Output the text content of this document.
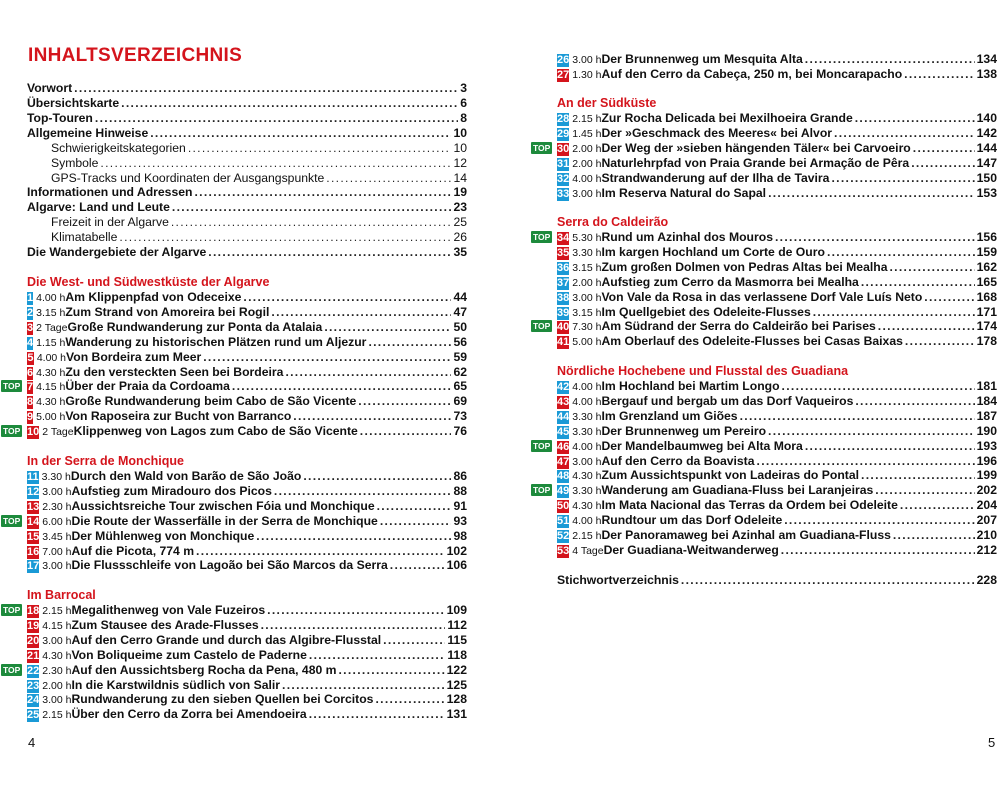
INHALTSVERZEICHNIS
Vorwort .....	3
Übersichtskarte .....	6
Top-Touren .....	8
Allgemeine Hinweise .....	10
Schwierigkeitskategorien .....	10
Symbole .....	12
GPS-Tracks und Koordinaten der Ausgangspunkte .....	14
Informationen und Adressen .....	19
Algarve: Land und Leute .....	23
Freizeit in der Algarve .....	25
Klimatabelle .....	26
Die Wandergebiete der Algarve .....	35
Die West- und Südwestküste der Algarve
1 4.00 h Am Klippenpfad von Odeceixe .....	44
2 3.15 h Zum Strand von Amoreira bei Rogil .....	47
3 2 Tage Große Rundwanderung zur Ponta da Atalaia .....	50
4 1.15 h Wanderung zu historischen Plätzen rund um Aljezur .....	56
5 4.00 h Von Bordeira zum Meer .....	59
6 4.30 h Zu den versteckten Seen bei Bordeira .....	62
TOP 7 4.15 h Über der Praia da Cordoama .....	65
8 4.30 h Große Rundwanderung beim Cabo de São Vicente .....	69
9 5.00 h Von Raposeira zur Bucht von Barranco .....	73
TOP 10 2 Tage Klippenweg von Lagos zum Cabo de São Vicente .....	76
In der Serra de Monchique
11 3.30 h Durch den Wald von Barão de São João .....	86
12 3.00 h Aufstieg zum Miradouro dos Picos .....	88
13 2.30 h Aussichtsreiche Tour zwischen Fóia und Monchique .....	91
TOP 14 6.00 h Die Route der Wasserfälle in der Serra de Monchique .....	93
15 3.45 h Der Mühlenweg von Monchique .....	98
16 7.00 h Auf die Picota, 774 m .....	102
17 3.00 h Die Flussschleife von Lagoão bei São Marcos da Serra .....	106
Im Barrocal
TOP 18 2.15 h Megalithenweg von Vale Fuzeiros .....	109
19 4.15 h Zum Stausee des Arade-Flusses .....	112
20 3.00 h Auf den Cerro Grande und durch das Algibre-Flusstal .....	115
21 4.30 h Von Boliqueime zum Castelo de Paderne .....	118
TOP 22 2.30 h Auf den Aussichtsberg Rocha da Pena, 480 m .....	122
23 2.00 h In die Karstwildnis südlich von Salir .....	125
24 3.00 h Rundwanderung zu den sieben Quellen bei Corcitos .....	128
25 2.15 h Über den Cerro da Zorra bei Amendoeira .....	131
26 3.00 h Der Brunnenweg um Mesquita Alta .....	134
27 1.30 h Auf den Cerro da Cabeça, 250 m, bei Moncarapacho .....	138
An der Südküste
28 2.15 h Zur Rocha Delicada bei Mexilhoeira Grande .....	140
29 1.45 h Der »Geschmack des Meeres« bei Alvor .....	142
TOP 30 2.00 h Der Weg der »sieben hängenden Täler« bei Carvoeiro .....	144
31 2.00 h Naturlehrpfad von Praia Grande bei Armação de Pêra .....	147
32 4.00 h Strandwanderung auf der Ilha de Tavira .....	150
33 3.00 h Im Reserva Natural do Sapal .....	153
Serra do Caldeirão
TOP 34 5.30 h Rund um Azinhal dos Mouros .....	156
35 3.30 h Im kargen Hochland um Corte de Ouro .....	159
36 3.15 h Zum großen Dolmen von Pedras Altas bei Mealha .....	162
37 2.00 h Aufstieg zum Cerro da Masmorra bei Mealha .....	165
38 3.00 h Von Vale da Rosa in das verlassene Dorf Vale Luís Neto .....	168
39 3.15 h Im Quellgebiet des Odeleite-Flusses .....	171
TOP 40 7.30 h Am Südrand der Serra do Caldeirão bei Parises .....	174
41 5.00 h Am Oberlauf des Odeleite-Flusses bei Casas Baixas .....	178
Nördliche Hochebene und Flusstal des Guadiana
42 4.00 h Im Hochland bei Martim Longo .....	181
43 4.00 h Bergauf und bergab um das Dorf Vaqueiros .....	184
44 3.30 h Im Grenzland um Giões .....	187
45 3.30 h Der Brunnenweg um Pereiro .....	190
TOP 46 4.00 h Der Mandelbaumweg bei Alta Mora .....	193
47 3.00 h Auf den Cerro da Boavista .....	196
48 4.30 h Zum Aussichtspunkt von Ladeiras do Pontal .....	199
TOP 49 3.30 h Wanderung am Guadiana-Fluss bei Laranjeiras .....	202
50 4.30 h Im Mata Nacional das Terras da Ordem bei Odeleite .....	204
51 4.00 h Rundtour um das Dorf Odeleite .....	207
52 2.15 h Der Panoramaweg bei Azinhal am Guadiana-Fluss .....	210
53 4 Tage Der Guadiana-Weitwanderweg .....	212
Stichwortverzeichnis .....	228
4	5
